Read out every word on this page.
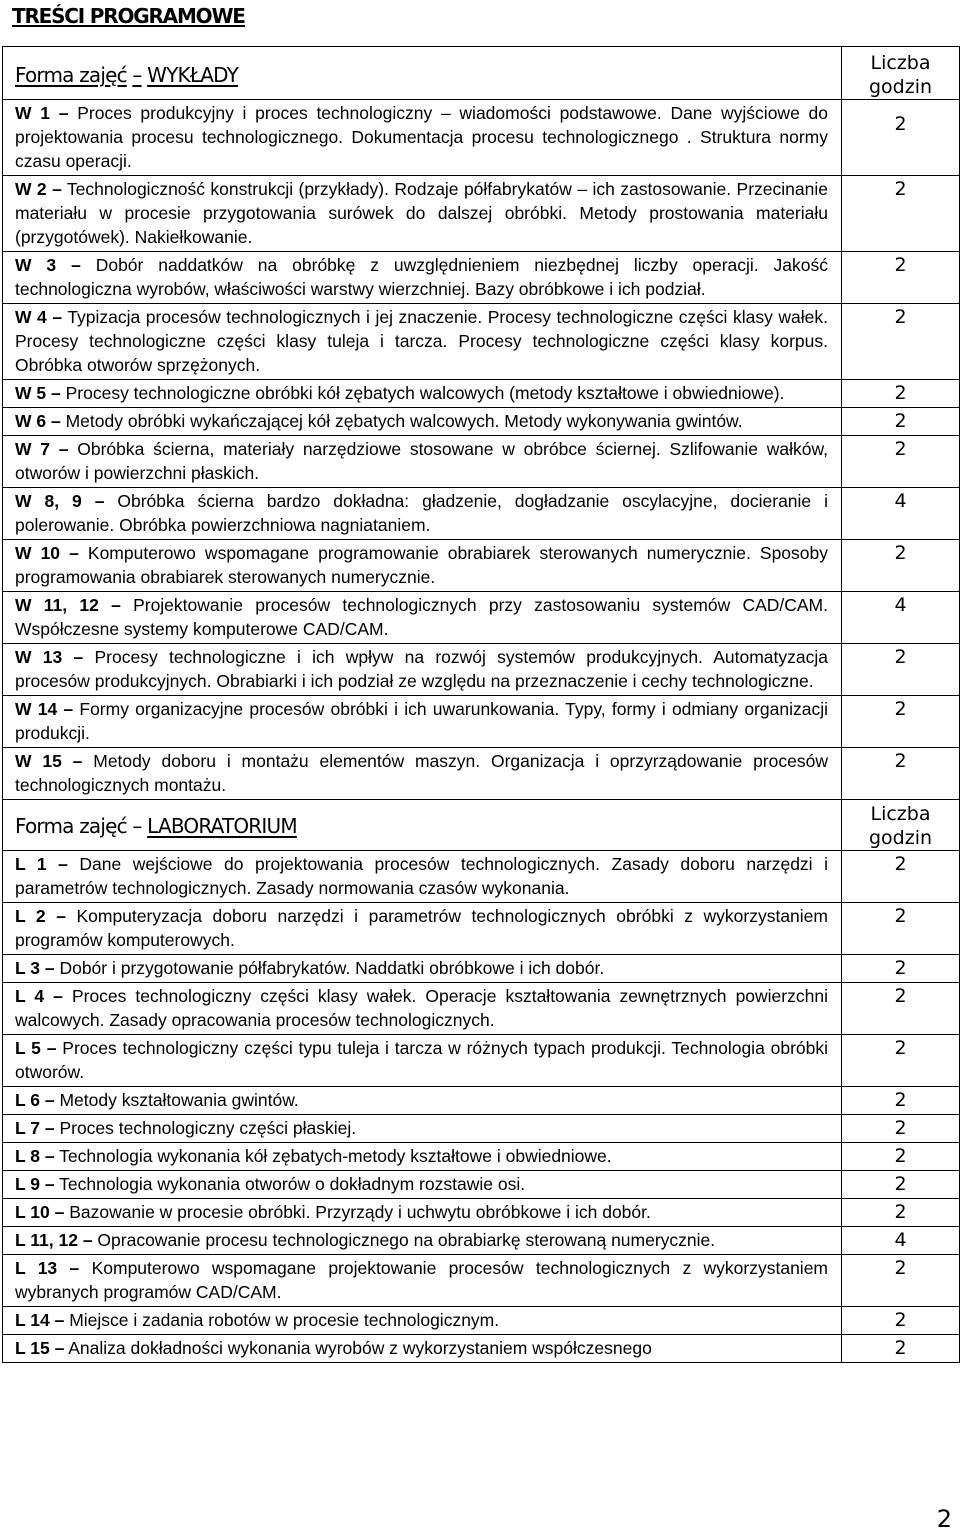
TREŚCI PROGRAMOWE
Forma zajęć – WYKŁADY	Liczba
godzin

W 1 – Proces produkcyjny i proces technologiczny – wiadomości podstawowe. Dane wyjściowe do projektowania procesu technologicznego. Dokumentacja procesu technologicznego . Struktura normy czasu operacji.	2

W 2 – Technologiczność konstrukcji (przykłady). Rodzaje półfabrykatów – ich zastosowanie. Przecinanie materiału w procesie przygotowania surówek do dalszej obróbki. Metody prostowania materiału (przygotówek). Nakiełkowanie.	2

W 3 – Dobór naddatków na obróbkę z uwzględnieniem niezbędnej liczby operacji. Jakość technologiczna wyrobów, właściwości warstwy wierzchniej. Bazy obróbkowe i ich podział.	2

W 4 – Typizacja procesów technologicznych i jej znaczenie. Procesy technologiczne części klasy wałek. Procesy technologiczne części klasy tuleja i tarcza. Procesy technologiczne części klasy korpus. Obróbka otworów sprzężonych.	2

W 5 – Procesy technologiczne obróbki kół zębatych walcowych (metody kształtowe i obwiedniowe).	2

W 6 – Metody obróbki wykańczającej kół zębatych walcowych. Metody wykonywania gwintów.	2

W 7 – Obróbka ścierna, materiały narzędziowe stosowane w obróbce ściernej. Szlifowanie wałków, otworów i powierzchni płaskich.	2

W 8, 9 – Obróbka ścierna bardzo dokładna: gładzenie, dogładzanie oscylacyjne, docieranie i polerowanie. Obróbka powierzchniowa nagniataniem.	4

W 10 – Komputerowo wspomagane programowanie obrabiarek sterowanych numerycznie. Sposoby programowania obrabiarek sterowanych numerycznie.	2

W 11, 12 – Projektowanie procesów technologicznych przy zastosowaniu systemów CAD/CAM. Współczesne systemy komputerowe CAD/CAM.	4

W 13 – Procesy technologiczne i ich wpływ na rozwój systemów produkcyjnych. Automatyzacja procesów produkcyjnych. Obrabiarki i ich podział ze względu na przeznaczenie i cechy technologiczne.	2

W 14 – Formy organizacyjne procesów obróbki i ich uwarunkowania. Typy, formy i odmiany organizacji produkcji.	2

W 15 – Metody doboru i montażu elementów maszyn. Organizacja i oprzyrządowanie procesów technologicznych montażu.	2

Forma zajęć – LABORATORIUM	Liczba
godzin

L 1 – Dane wejściowe do projektowania procesów technologicznych. Zasady doboru narzędzi i parametrów technologicznych. Zasady normowania czasów wykonania.	2

L 2 – Komputeryzacja doboru narzędzi i parametrów technologicznych obróbki z wykorzystaniem programów komputerowych.	2

L 3 – Dobór i przygotowanie półfabrykatów. Naddatki obróbkowe i ich dobór.	2

L 4 – Proces technologiczny części klasy wałek. Operacje kształtowania zewnętrznych powierzchni walcowych. Zasady opracowania procesów technologicznych.	2

L 5 – Proces technologiczny części typu tuleja i tarcza w różnych typach produkcji. Technologia obróbki otworów.	2

L 6 – Metody kształtowania gwintów.	2

L 7 – Proces technologiczny części płaskiej.	2

L 8 – Technologia wykonania kół zębatych-metody kształtowe i obwiedniowe.	2

L 9 – Technologia wykonania otworów o dokładnym rozstawie osi.	2

L 10 – Bazowanie w procesie obróbki. Przyrządy i uchwytu obróbkowe i ich dobór.	2

L 11, 12 – Opracowanie procesu technologicznego na obrabiarkę sterowaną numerycznie.	4

L 13 – Komputerowo wspomagane projektowanie procesów technologicznych z wykorzystaniem wybranych programów CAD/CAM.	2

L 14 – Miejsce i zadania robotów w procesie technologicznym.	2

L 15 – Analiza dokładności wykonania wyrobów z wykorzystaniem współczesnego	2
2
